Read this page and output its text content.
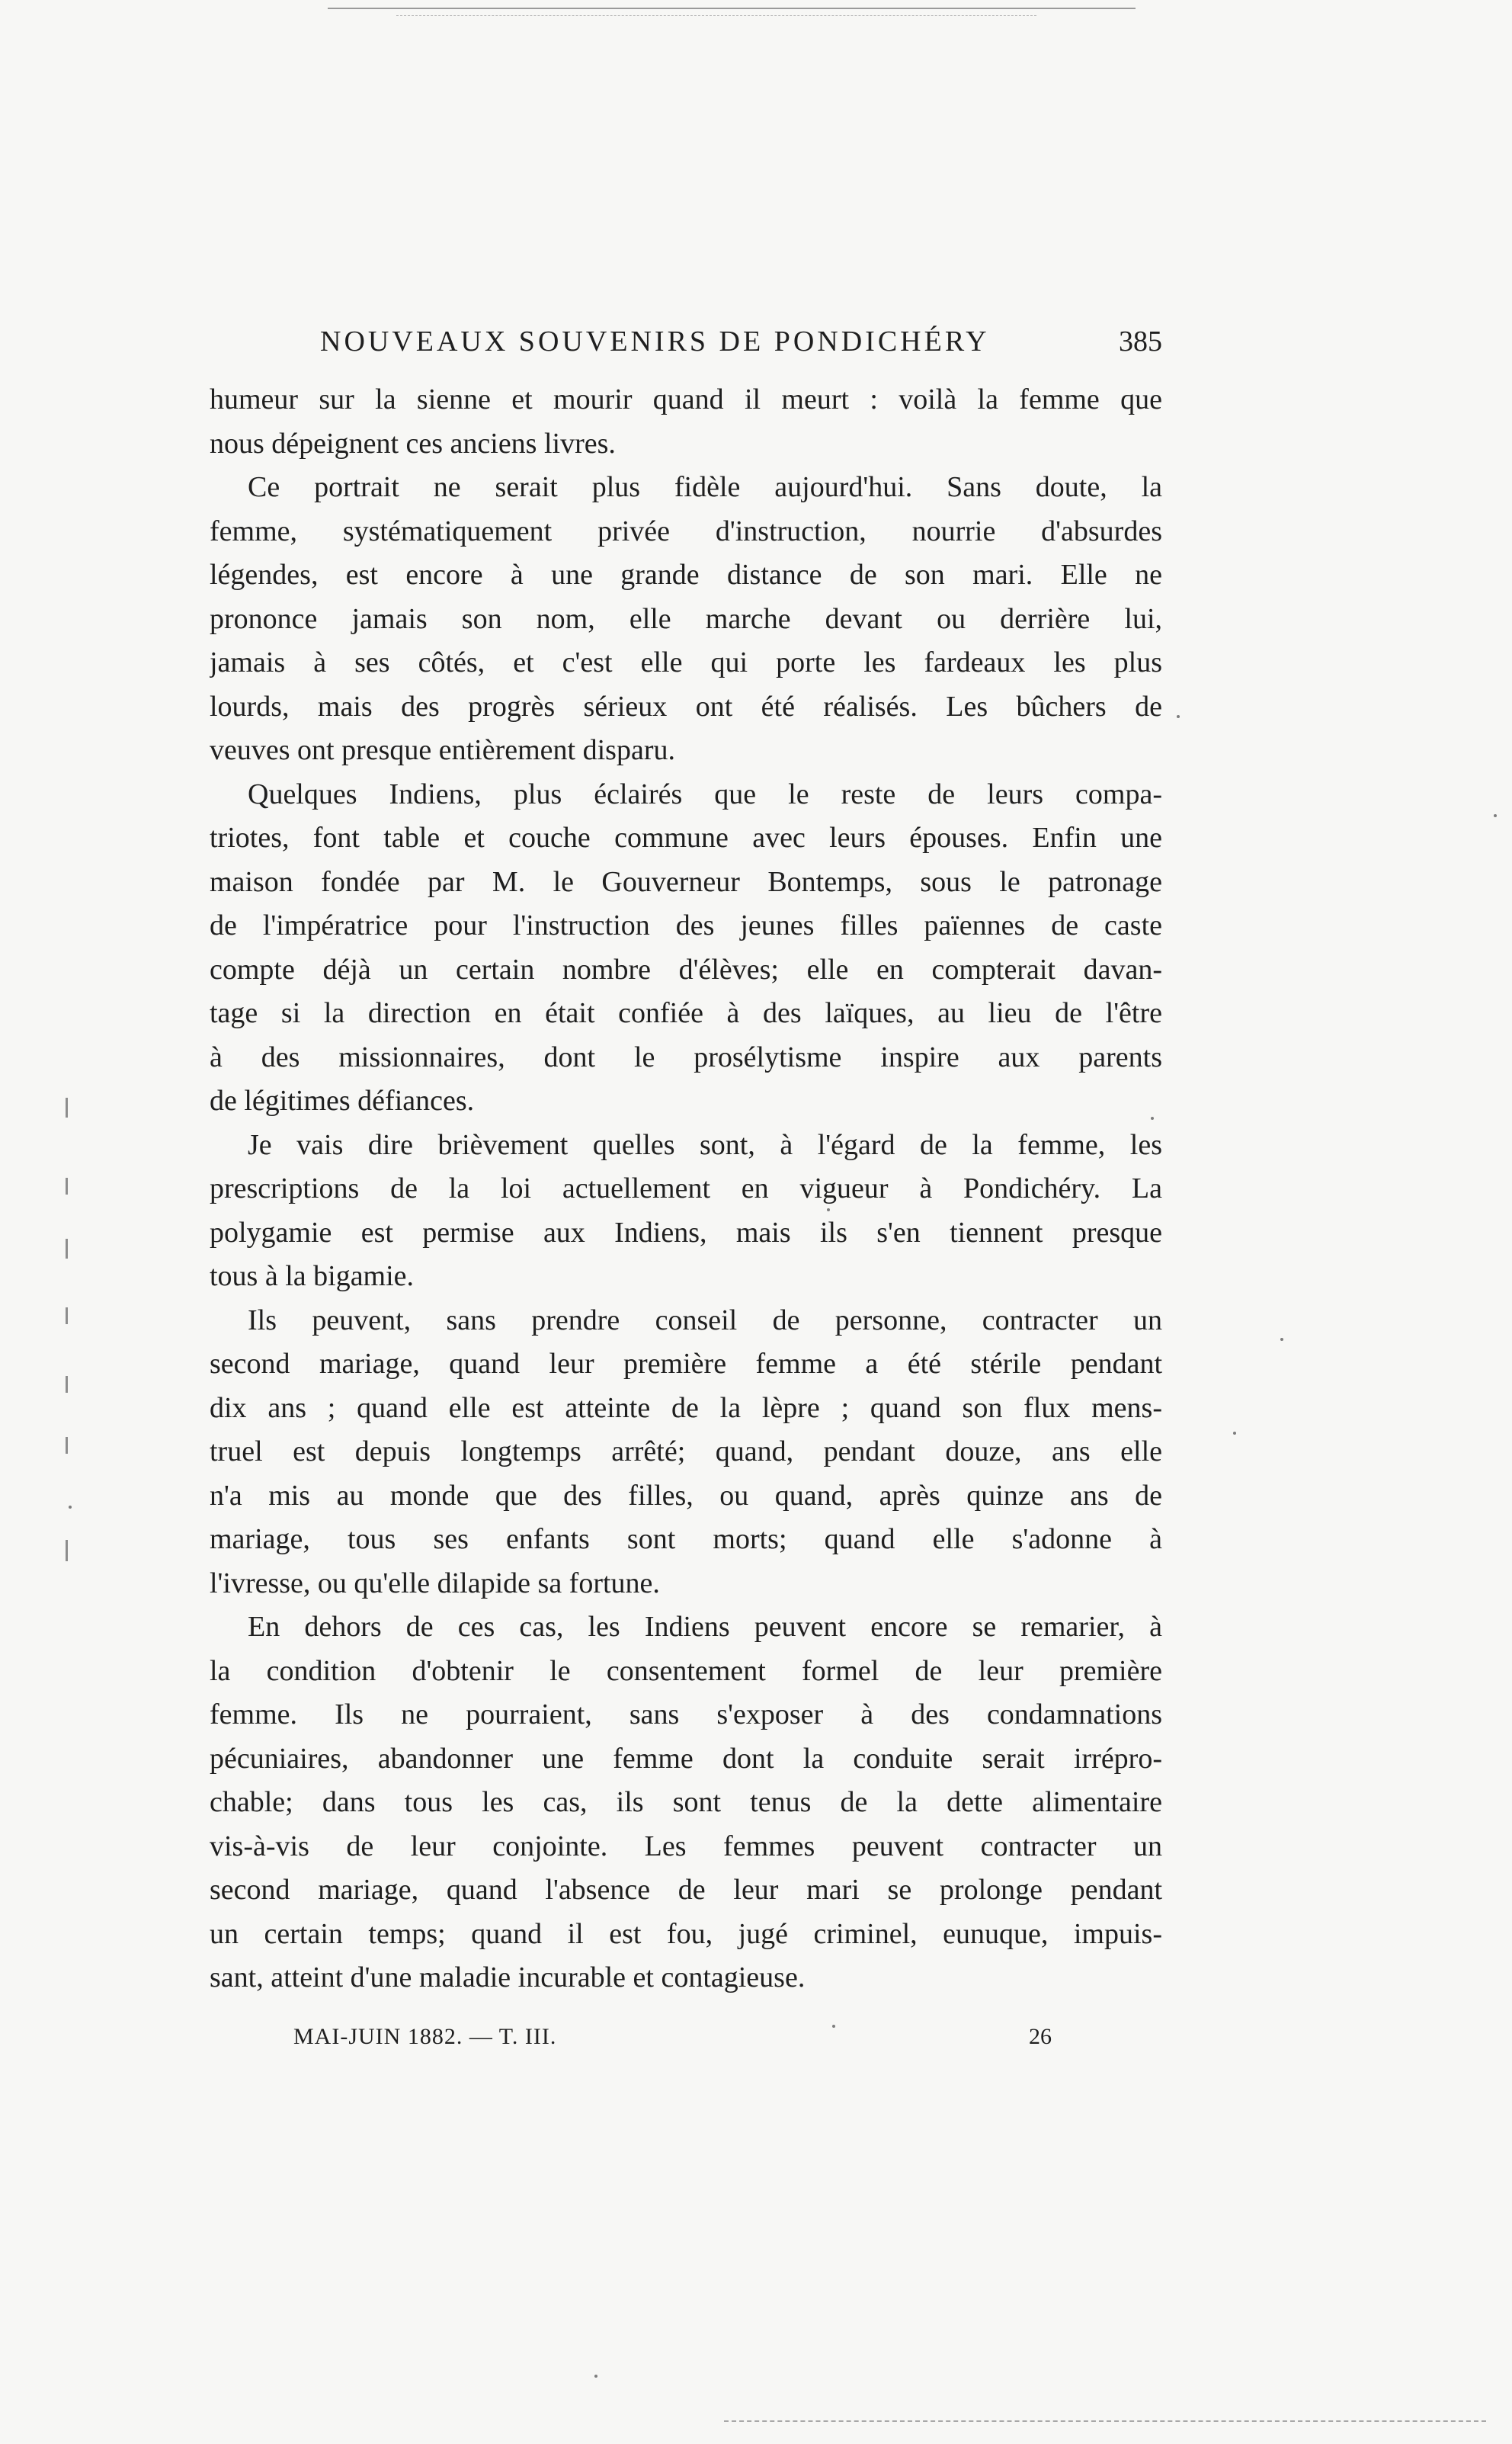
NOUVEAUX SOUVENIRS DE PONDICHÉRY	385
humeur sur la sienne et mourir quand il meurt : voilà la femme que
nous dépeignent ces anciens livres.
Ce portrait ne serait plus fidèle aujourd'hui. Sans doute, la
femme, systématiquement privée d'instruction, nourrie d'absurdes
légendes, est encore à une grande distance de son mari. Elle ne
prononce jamais son nom, elle marche devant ou derrière lui,
jamais à ses côtés, et c'est elle qui porte les fardeaux les plus
lourds, mais des progrès sérieux ont été réalisés. Les bûchers de
veuves ont presque entièrement disparu.
Quelques Indiens, plus éclairés que le reste de leurs compa-
triotes, font table et couche commune avec leurs épouses. Enfin une
maison fondée par M. le Gouverneur Bontemps, sous le patronage
de l'impératrice pour l'instruction des jeunes filles païennes de caste
compte déjà un certain nombre d'élèves; elle en compterait davan-
tage si la direction en était confiée à des laïques, au lieu de l'être
à des missionnaires, dont le prosélytisme inspire aux parents
de légitimes défiances.
Je vais dire brièvement quelles sont, à l'égard de la femme, les
prescriptions de la loi actuellement en vigueur à Pondichéry. La
polygamie est permise aux Indiens, mais ils s'en tiennent presque
tous à la bigamie.
Ils peuvent, sans prendre conseil de personne, contracter un
second mariage, quand leur première femme a été stérile pendant
dix ans ; quand elle est atteinte de la lèpre ; quand son flux mens-
truel est depuis longtemps arrêté; quand, pendant douze, ans elle
n'a mis au monde que des filles, ou quand, après quinze ans de
mariage, tous ses enfants sont morts; quand elle s'adonne à
l'ivresse, ou qu'elle dilapide sa fortune.
En dehors de ces cas, les Indiens peuvent encore se remarier, à
la condition d'obtenir le consentement formel de leur première
femme. Ils ne pourraient, sans s'exposer à des condamnations
pécuniaires, abandonner une femme dont la conduite serait irrépro-
chable; dans tous les cas, ils sont tenus de la dette alimentaire
vis-à-vis de leur conjointe. Les femmes peuvent contracter un
second mariage, quand l'absence de leur mari se prolonge pendant
un certain temps; quand il est fou, jugé criminel, eunuque, impuis-
sant, atteint d'une maladie incurable et contagieuse.
MAI-JUIN 1882. — T. III.	26
